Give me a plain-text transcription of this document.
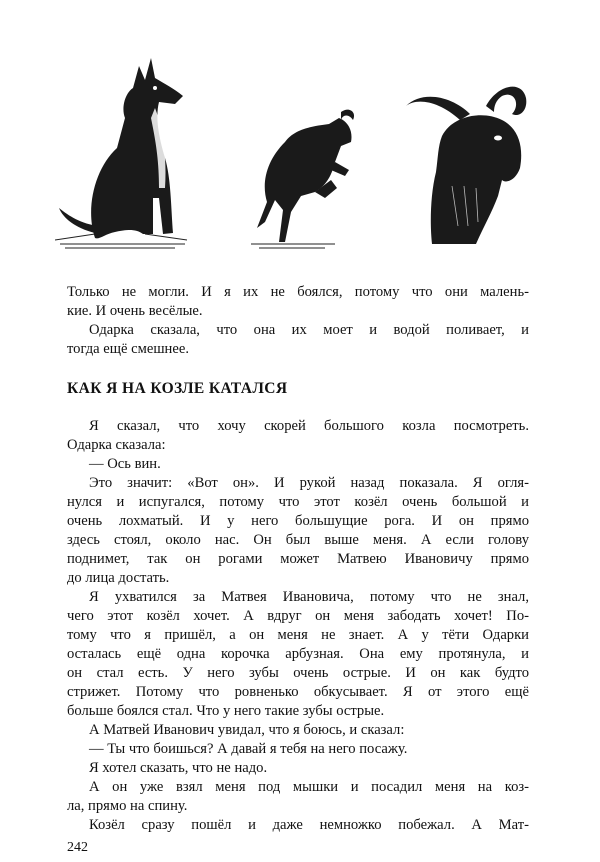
Только не могли. И я их не боялся, потому что они малень-

кие. И очень весёлые.

Одарка сказала, что она их моет и водой поливает, и

тогда ещё смешнее.

КАК Я НА КОЗЛЕ КАТАЛСЯ

Я сказал, что хочу скорей большого козла посмотреть.

Одарка сказала:

— Ось вин.

Это значит: «Вот он». И рукой назад показала. Я огля-

нулся и испугался, потому что этот козёл очень большой и

очень лохматый. И у него большущие рога. И он прямо

здесь стоял, около нас. Он был выше меня. А если голову

поднимет, так он рогами может Матвею Ивановичу прямо

до лица достать.

Я ухватился за Матвея Ивановича, потому что не знал,

чего этот козёл хочет. А вдруг он меня забодать хочет! По-

тому что я пришёл, а он меня не знает. А у тёти Одарки

осталась ещё одна корочка арбузная. Она ему протянула, и

он стал есть. У него зубы очень острые. И он как будто

стрижет. Потому что ровненько обкусывает. Я от этого ещё

больше боялся стал. Что у него такие зубы острые.

А Матвей Иванович увидал, что я боюсь, и сказал:

— Ты что боишься? А давай я тебя на него посажу.

Я хотел сказать, что не надо.

А он уже взял меня под мышки и посадил меня на коз-

ла, прямо на спину.

Козёл сразу пошёл и даже немножко побежал. А Мат-

242
